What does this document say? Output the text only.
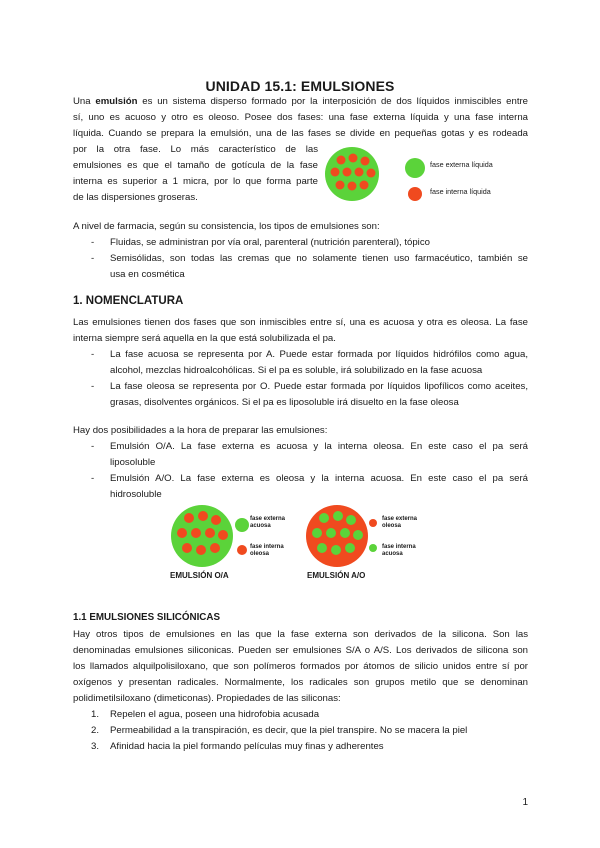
UNIDAD 15.1: EMULSIONES
Una emulsión es un sistema disperso formado por la interposición de dos líquidos inmiscibles entre
sí, uno es acuoso y otro es oleoso. Posee dos fases: una fase externa líquida y una fase interna
líquida. Cuando se prepara la emulsión, una de las fases se divide en pequeñas gotas y es rodeada
por la otra fase. Lo más característico de las
emulsiones es que el tamaño de gotícula de la fase
interna es superior a 1 micra, por lo que forma parte
de las dispersiones groseras.
fase externa líquida
fase interna líquida
A nivel de farmacia, según su consistencia, los tipos de emulsiones son:
- Fluidas, se administran por vía oral, parenteral (nutrición parenteral), tópico
- Semisólidas, son todas las cremas que no solamente tienen uso farmacéutico, también se
usa en cosmética
1. NOMENCLATURA
Las emulsiones tienen dos fases que son inmiscibles entre sí, una es acuosa y otra es oleosa. La fase
interna siempre será aquella en la que está solubilizada el pa.
- La fase acuosa se representa por A. Puede estar formada por líquidos hidrófilos como agua,
alcohol, mezclas hidroalcohólicas. Si el pa es soluble, irá solubilizado en la fase acuosa
- La fase oleosa se representa por O. Puede estar formada por líquidos lipofílicos como aceites,
grasas, disolventes orgánicos. Si el pa es liposoluble irá disuelto en la fase oleosa
Hay dos posibilidades a la hora de preparar las emulsiones:
- Emulsión O/A. La fase externa es acuosa y la interna oleosa. En este caso el pa será
liposoluble
- Emulsión A/O. La fase externa es oleosa y la interna acuosa. En este caso el pa será
hidrosoluble
fase externa acuosa
fase interna oleosa
fase externa oleosa
fase interna acuosa
EMULSIÓN O/A	EMULSIÓN A/O
1.1 EMULSIONES SILICÓNICAS
Hay otros tipos de emulsiones en las que la fase externa son derivados de la silicona. Son las
denominadas emulsiones siliconicas. Pueden ser emulsiones S/A o A/S. Los derivados de silicona son
los llamados alquilpolisiloxano, que son polímeros formados por átomos de silicio unidos entre sí por
oxígenos y presentan radicales. Normalmente, los radicales son grupos metilo que se denominan
polidimetilsiloxano (dimeticonas). Propiedades de las siliconas:
1. Repelen el agua, poseen una hidrofobia acusada
2. Permeabilidad a la transpiración, es decir, que la piel transpire. No se macera la piel
3. Afinidad hacia la piel formando películas muy finas y adherentes
1
